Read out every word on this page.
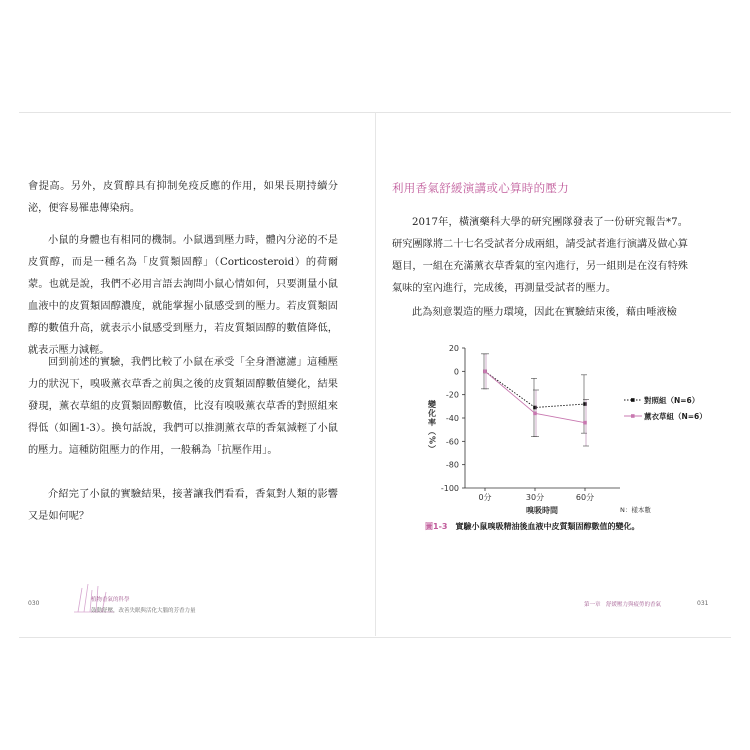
會提高。另外，皮質醇具有抑制免疫反應的作用，如果長期持續分泌，便容易罹患傳染病。

小鼠的身體也有相同的機制。小鼠遇到壓力時，體內分泌的不是皮質醇，而是一種名為「皮質類固醇」（Corticosteroid）的荷爾蒙。也就是說，我們不必用言語去詢問小鼠心情如何，只要測量小鼠血液中的皮質類固醇濃度，就能掌握小鼠感受到的壓力。若皮質類固醇的數值升高，就表示小鼠感受到壓力，若皮質類固醇的數值降低，就表示壓力減輕。

回到前述的實驗，我們比較了小鼠在承受「全身潛濾濾」這種壓力的狀況下，嗅吸薰衣草香之前與之後的皮質類固醇數值變化，結果發現，薰衣草組的皮質類固醇數值，比沒有嗅吸薰衣草香的對照組來得低（如圖1-3）。換句話說，我們可以推測薰衣草的香氣減輕了小鼠的壓力。這種防阻壓力的作用，一般稱為「抗壓作用」。

介紹完了小鼠的實驗結果，接著讓我們看看，香氣對人類的影響又是如何呢？

030	植物香氣的科學
鼓動舒壓，改善失眠與活化大腦的芳香力量
利用香氣舒緩演講或心算時的壓力

2017年，橫濱藥科大學的研究團隊發表了一份研究報告*7。研究團隊將二十七名受試者分成兩組，請受試者進行演講及做心算題目，一組在充滿薰衣草香氣的室內進行，另一組則是在沒有特殊氣味的室內進行，完成後，再測量受試者的壓力。

此為刻意製造的壓力環境，因此在實驗結束後，藉由唾液檢

第一章　舒緩壓力與疲勞的香氣	031
20
0
-20
-40
-60
-80
-100
0分	30分	60分
嗅吸時間
變化率（%）	對照組（N=6）
薰衣草組（N=6）
N：樣本數
圖1-3 實驗小鼠嗅吸精油後血液中皮質類固醇數值的變化。
